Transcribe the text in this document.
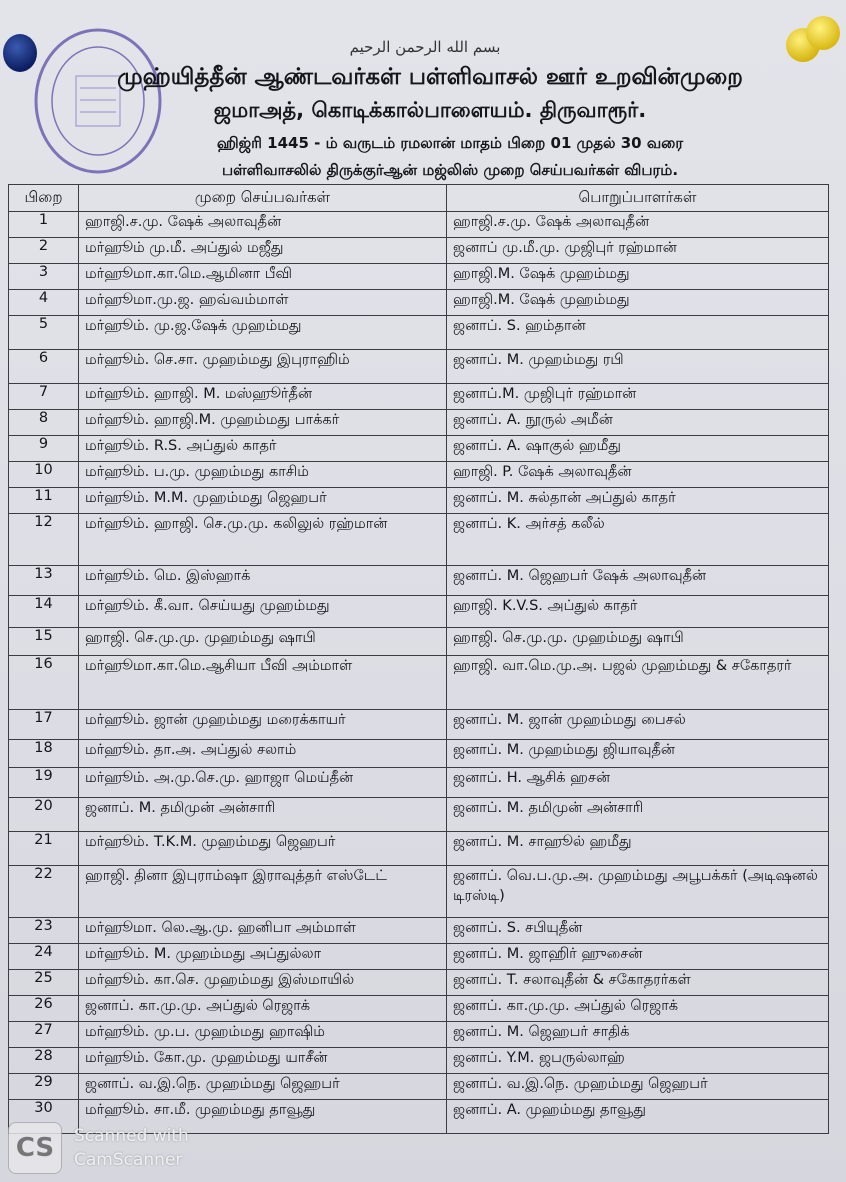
بسم الله الرحمن الرحيم
முஹ்யித்தீன் ஆண்டவர்கள் பள்ளிவாசல் ஊர் உறவின்முறை
ஜமாஅத், கொடிக்கால்பாளையம். திருவாரூர்.
ஹிஜ்ரி 1445 - ம் வருடம் ரமலான் மாதம் பிறை 01 முதல் 30 வரை
பள்ளிவாசலில் திருக்குர்ஆன் மஜ்லிஸ் முறை செய்பவர்கள் விபரம்.
பிறை	முறை செய்பவர்கள்	பொறுப்பாளர்கள்
1	ஹாஜி.ச.மு. ஷேக் அலாவுதீன்	ஹாஜி.ச.மு. ஷேக் அலாவுதீன்
2	மர்ஹூம் மு.மீ. அப்துல் மஜீது	ஜனாப் மு.மீ.மு. முஜிபுர் ரஹ்மான்
3	மர்ஹூமா.கா.மெ.ஆமினா பீவி	ஹாஜி.M. ஷேக் முஹம்மது
4	மர்ஹூமா.மு.ஜ. ஹவ்வம்மாள்	ஹாஜி.M. ஷேக் முஹம்மது
5	மர்ஹூம். மு.ஜ.ஷேக் முஹம்மது	ஜனாப். S. ஹம்தான்
6	மர்ஹூம். செ.சா. முஹம்மது இபுராஹிம்	ஜனாப். M. முஹம்மது ரபி
7	மர்ஹூம். ஹாஜி. M. மஸ்ஹூர்தீன்	ஜனாப்.M. முஜிபுர் ரஹ்மான்
8	மர்ஹூம். ஹாஜி.M. முஹம்மது பாக்கர்	ஜனாப். A. நூருல் அமீன்
9	மர்ஹூம். R.S. அப்துல் காதர்	ஜனாப். A. ஷாகுல் ஹமீது
10	மர்ஹூம். ப.மு. முஹம்மது காசிம்	ஹாஜி. P. ஷேக் அலாவுதீன்
11	மர்ஹூம். M.M. முஹம்மது ஜெஹபர்	ஜனாப். M. சுல்தான் அப்துல் காதர்
12	மர்ஹூம். ஹாஜி. செ.மு.மு. கலிலுல் ரஹ்மான்	ஜனாப். K. அர்சத் கலீல்
13	மர்ஹூம். மெ. இஸ்ஹாக்	ஜனாப். M. ஜெஹபர் ஷேக் அலாவுதீன்
14	மர்ஹூம். கீ.வா. செய்யது முஹம்மது	ஹாஜி. K.V.S. அப்துல் காதர்
15	ஹாஜி. செ.மு.மு. முஹம்மது ஷாபி	ஹாஜி. செ.மு.மு. முஹம்மது ஷாபி
16	மர்ஹூமா.கா.மெ.ஆசியா பீவி அம்மாள்	ஹாஜி. வா.மெ.மு.அ. பஜல் முஹம்மது & சகோதரர்
17	மர்ஹூம். ஜான் முஹம்மது மரைக்காயர்	ஜனாப். M. ஜான் முஹம்மது பைசல்
18	மர்ஹூம். தா.அ. அப்துல் சலாம்	ஜனாப். M. முஹம்மது ஜியாவுதீன்
19	மர்ஹூம். அ.மு.செ.மு. ஹாஜா மெய்தீன்	ஜனாப். H. ஆசிக் ஹசன்
20	ஜனாப். M. தமிமுன் அன்சாரி	ஜனாப். M. தமிமுன் அன்சாரி
21	மர்ஹூம். T.K.M. முஹம்மது ஜெஹபர்	ஜனாப். M. சாஹூல் ஹமீது
22	ஹாஜி. தினா இபுராம்ஷா இராவுத்தர் எஸ்டேட்	ஜனாப். வெ.ப.மு.அ. முஹம்மது அபூபக்கர் (அடிஷனல் டிரஸ்டி)
23	மர்ஹூமா. லெ.ஆ.மு. ஹனிபா அம்மாள்	ஜனாப். S. சபியுதீன்
24	மர்ஹூம். M. முஹம்மது அப்துல்லா	ஜனாப். M. ஜாஹிர் ஹுசைன்
25	மர்ஹூம். கா.செ. முஹம்மது இஸ்மாயில்	ஜனாப். T. சலாவுதீன் & சகோதரர்கள்
26	ஜனாப். கா.மு.மு. அப்துல் ரெஜாக்	ஜனாப். கா.மு.மு. அப்துல் ரெஜாக்
27	மர்ஹூம். மு.ப. முஹம்மது ஹாஷிம்	ஜனாப். M. ஜெஹபர் சாதிக்
28	மர்ஹூம். கோ.மு. முஹம்மது யாசீன்	ஜனாப். Y.M. ஜபருல்லாஹ்
29	ஜனாப். வ.இ.நெ. முஹம்மது ஜெஹபர்	ஜனாப். வ.இ.நெ. முஹம்மது ஜெஹபர்
30	மர்ஹூம். சா.மீ. முஹம்மது தாவூது	ஜனாப். A. முஹம்மது தாவூது
CS	Scanned with
CamScanner
